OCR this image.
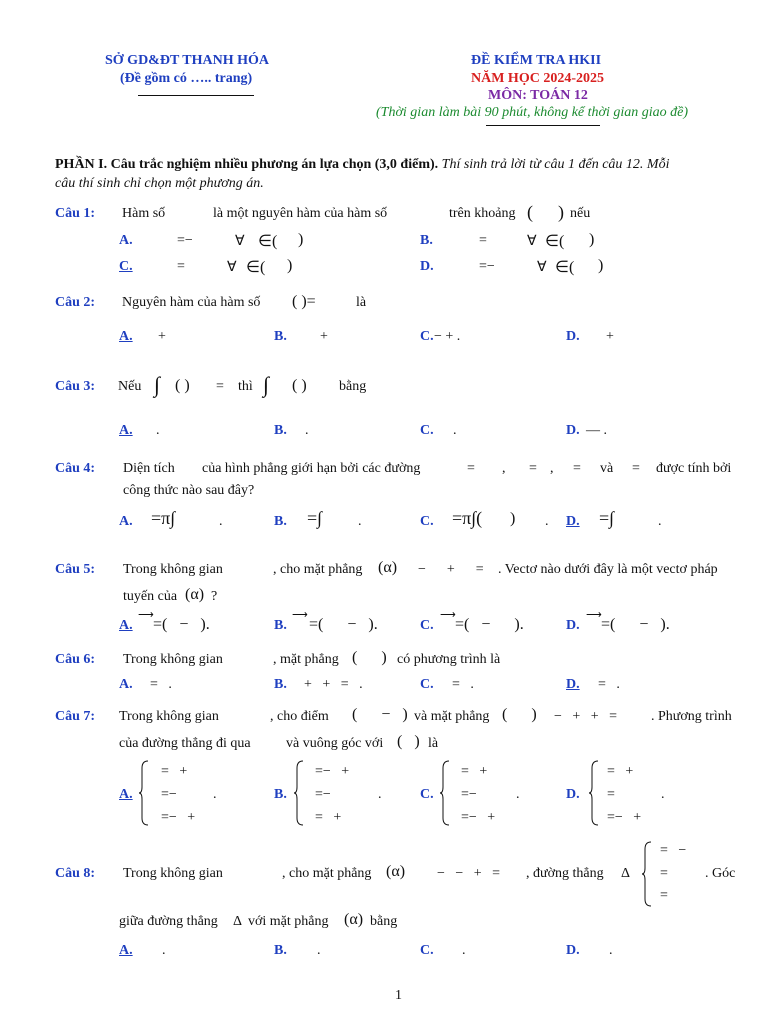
SỞ GD&ĐT THANH HÓA
(Đề gồm có ….. trang)
ĐỀ KIỂM TRA HKII
NĂM HỌC 2024-2025
MÔN: TOÁN 12
(Thời gian làm bài 90 phút, không kể thời gian giao đề)
PHẦN I. Câu trắc nghiệm nhiều phương án lựa chọn (3,0 điểm). Thí sinh trả lời từ câu 1 đến câu 12. Mỗi
câu thí sinh chỉ chọn một phương án.
Câu 1: Hàm số	là một nguyên hàm của hàm số	trên khoảng ( ) nếu
A.	=−	∀ ∈( )	B.	=	∀ ∈( )
C.	=	∀ ∈( )	D.	=−	∀ ∈( )
Câu 2: Nguyên hàm của hàm số ( )=	là
A. +	B. +	C. − + .	D. +
Câu 3: Nếu ∫ ( ) = thì ∫ ( ) bằng
A. .	B. .	C. .	D. — .
Câu 4: Diện tích của hình phẳng giới hạn bởi các đường	= , = , = và = được tính bởi
công thức nào sau đây?
A. =π∫	.	B. =∫	.	C. =π∫( ) . D. =∫	.
Câu 5: Trong không gian	, cho mặt phẳng (α) −      +      = . Vectơ nào dưới đây là một vectơ pháp
tuyến của (α) ?
A.
⟶
=(   −   ).	B.
⟶
=(      −   ).	C.
⟶
=(   −      ).	D.
⟶
=(      −   ).
Câu 6: Trong không gian	, mặt phẳng (      ) có phương trình là
A. =   .	B. +   +   =   .	C. =   .	D. =   .
Câu 7: Trong không gian	, cho điểm (      −   ) và mặt phẳng (      ) −   +   +   = . Phương trình
của đường thẳng đi qua	và vuông góc với (   ) là
A.
=   +
=−
=−   +
.	B.
=−   +
=−
=   +
.	C.
=   +
=−
=−   +
.	D.
=   +
=
=−   +
.
Câu 8: Trong không gian	, cho mặt phẳng (α) −   −   +   = , đường thẳng Δ
=   −
=
=
. Góc
giữa đường thẳng Δ với mặt phẳng (α) bằng
A. .	B. .	C. .	D. .
1
